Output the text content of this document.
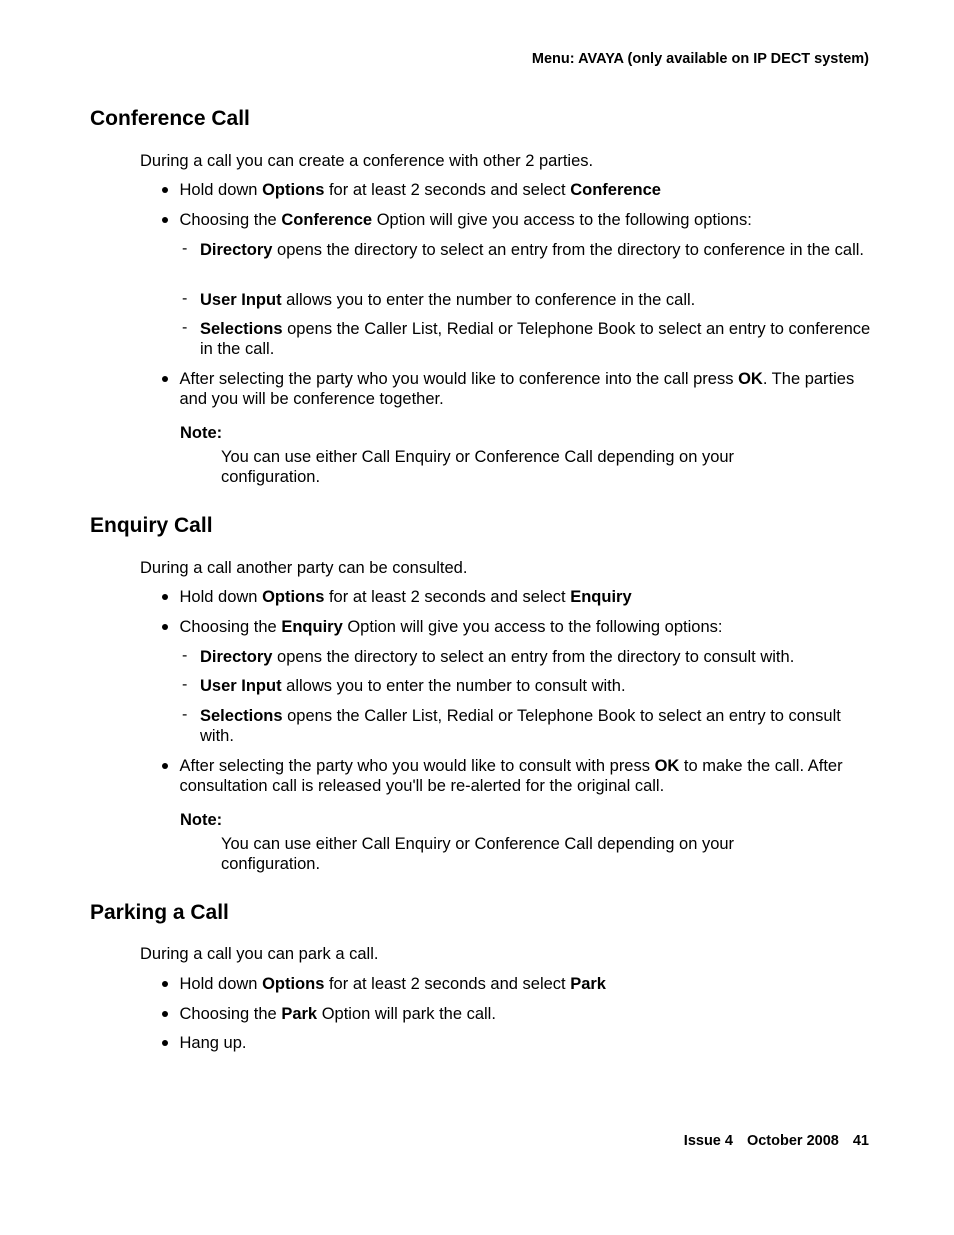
Menu: AVAYA (only available on IP DECT system)
Conference Call

During a call you can create a conference with other 2 parties.

Hold down Options for at least 2 seconds and select Conference

Choosing the Conference Option will give you access to the following options:

- Directory opens the directory to select an entry from the directory to conference in the call.

- User Input allows you to enter the number to conference in the call.

- Selections opens the Caller List, Redial or Telephone Book to select an entry to conference in the call.

After selecting the party who you would like to conference into the call press OK. The parties and you will be conference together.

Note:
You can use either Call Enquiry or Conference Call depending on your configuration.
Enquiry Call

During a call another party can be consulted.

Hold down Options for at least 2 seconds and select Enquiry

Choosing the Enquiry Option will give you access to the following options:

- Directory opens the directory to select an entry from the directory to consult with.

- User Input allows you to enter the number to consult with.

- Selections opens the Caller List, Redial or Telephone Book to select an entry to consult with.

After selecting the party who you would like to consult with press OK to make the call. After consultation call is released you'll be re-alerted for the original call.

Note:
You can use either Call Enquiry or Conference Call depending on your configuration.
Parking a Call

During a call you can park a call.

Hold down Options for at least 2 seconds and select Park

Choosing the Park Option will park the call.

Hang up.

Issue 4 October 2008 41
